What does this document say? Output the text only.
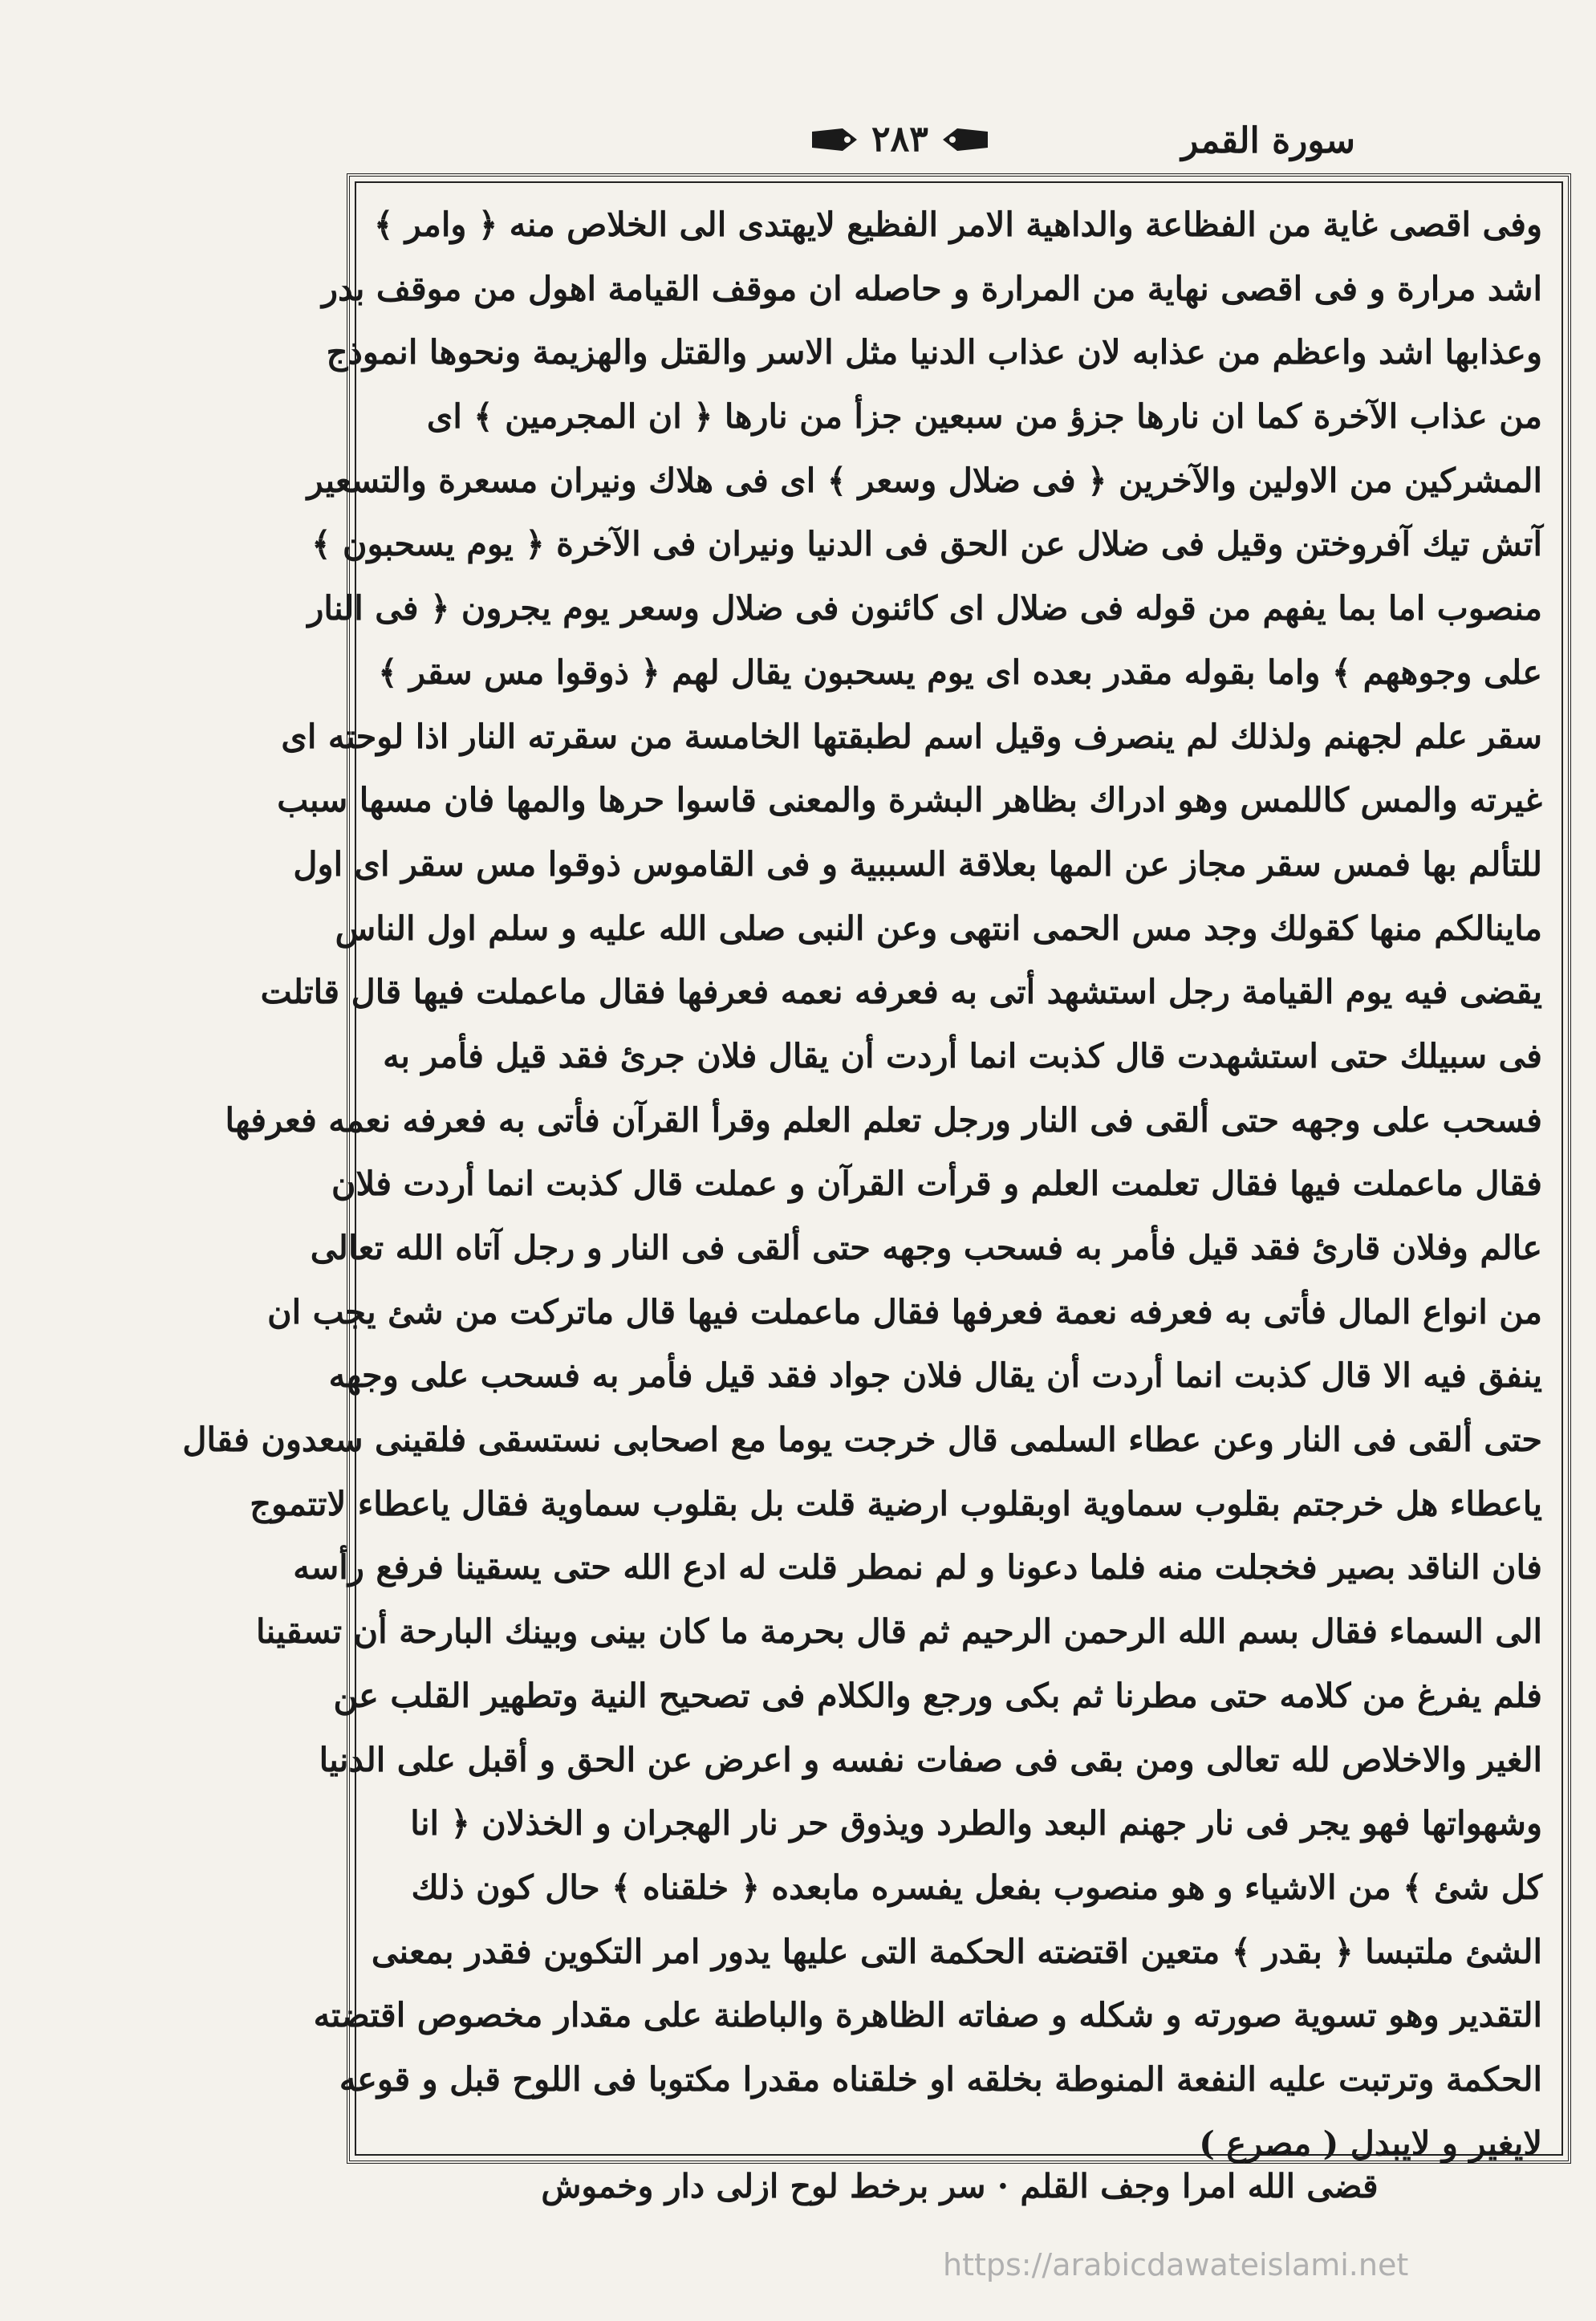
سورة القمر
٢٨٣
وفى اقصى غاية من الفظاعة والداهية الامر الفظيع لايهتدى الى الخلاص منه ﴿ وامر ﴾
اشد مرارة و فى اقصى نهاية من المرارة و حاصله ان موقف القيامة اهول من موقف بدر
وعذابها اشد واعظم من عذابه لان عذاب الدنيا مثل الاسر والقتل والهزيمة ونحوها انموذج
من عذاب الآخرة كما ان نارها جزؤ من سبعين جزأ من نارها ﴿ ان المجرمين ﴾ اى
المشركين من الاولين والآخرين ﴿ فى ضلال وسعر ﴾ اى فى هلاك ونيران مسعرة والتسعير
آتش تيك آفروختن وقيل فى ضلال عن الحق فى الدنيا ونيران فى الآخرة ﴿ يوم يسحبون ﴾
منصوب اما بما يفهم من قوله فى ضلال اى كائنون فى ضلال وسعر يوم يجرون ﴿ فى النار
على وجوههم ﴾ واما بقوله مقدر بعده اى يوم يسحبون يقال لهم ﴿ ذوقوا مس سقر ﴾
سقر علم لجهنم ولذلك لم ينصرف وقيل اسم لطبقتها الخامسة من سقرته النار اذا لوحته اى
غيرته والمس كاللمس وهو ادراك بظاهر البشرة والمعنى قاسوا حرها والمها فان مسها سبب
للتألم بها فمس سقر مجاز عن المها بعلاقة السببية و فى القاموس ذوقوا مس سقر اى اول
ماينالكم منها كقولك وجد مس الحمى انتهى وعن النبى صلى الله عليه و سلم اول الناس
يقضى فيه يوم القيامة رجل استشهد أتى به فعرفه نعمه فعرفها فقال ماعملت فيها قال قاتلت
فى سبيلك حتى استشهدت قال كذبت انما أردت أن يقال فلان جرئ فقد قيل فأمر به
فسحب على وجهه حتى ألقى فى النار ورجل تعلم العلم وقرأ القرآن فأتى به فعرفه نعمه فعرفها
فقال ماعملت فيها فقال تعلمت العلم و قرأت القرآن و عملت قال كذبت انما أردت فلان
عالم وفلان قارئ فقد قيل فأمر به فسحب وجهه حتى ألقى فى النار و رجل آتاه الله تعالى
من انواع المال فأتى به فعرفه نعمة فعرفها فقال ماعملت فيها قال ماتركت من شئ يجب ان
ينفق فيه الا قال كذبت انما أردت أن يقال فلان جواد فقد قيل فأمر به فسحب على وجهه
حتى ألقى فى النار وعن عطاء السلمى قال خرجت يوما مع اصحابى نستسقى فلقينى سعدون فقال
ياعطاء هل خرجتم بقلوب سماوية اوبقلوب ارضية قلت بل بقلوب سماوية فقال ياعطاء لاتتموج
فان الناقد بصير فخجلت منه فلما دعونا و لم نمطر قلت له ادع الله حتى يسقينا فرفع رأسه
الى السماء فقال بسم الله الرحمن الرحيم ثم قال بحرمة ما كان بينى وبينك البارحة أن تسقينا
فلم يفرغ من كلامه حتى مطرنا ثم بكى ورجع والكلام فى تصحيح النية وتطهير القلب عن
الغير والاخلاص لله تعالى ومن بقى فى صفات نفسه و اعرض عن الحق و أقبل على الدنيا
وشهواتها فهو يجر فى نار جهنم البعد والطرد ويذوق حر نار الهجران و الخذلان ﴿ انا
كل شئ ﴾ من الاشياء و هو منصوب بفعل يفسره مابعده ﴿ خلقناه ﴾ حال كون ذلك
الشئ ملتبسا ﴿ بقدر ﴾ متعين اقتضته الحكمة التى عليها يدور امر التكوين فقدر بمعنى
التقدير وهو تسوية صورته و شكله و صفاته الظاهرة والباطنة على مقدار مخصوص اقتضته
الحكمة وترتبت عليه النفعة المنوطة بخلقه او خلقناه مقدرا مكتوبا فى اللوح قبل و قوعه
لايغير و لايبدل ( مصرع )
قضى الله امرا وجف القلم · سر برخط لوح ازلى دار وخموش
https://arabicdawateislami.net
